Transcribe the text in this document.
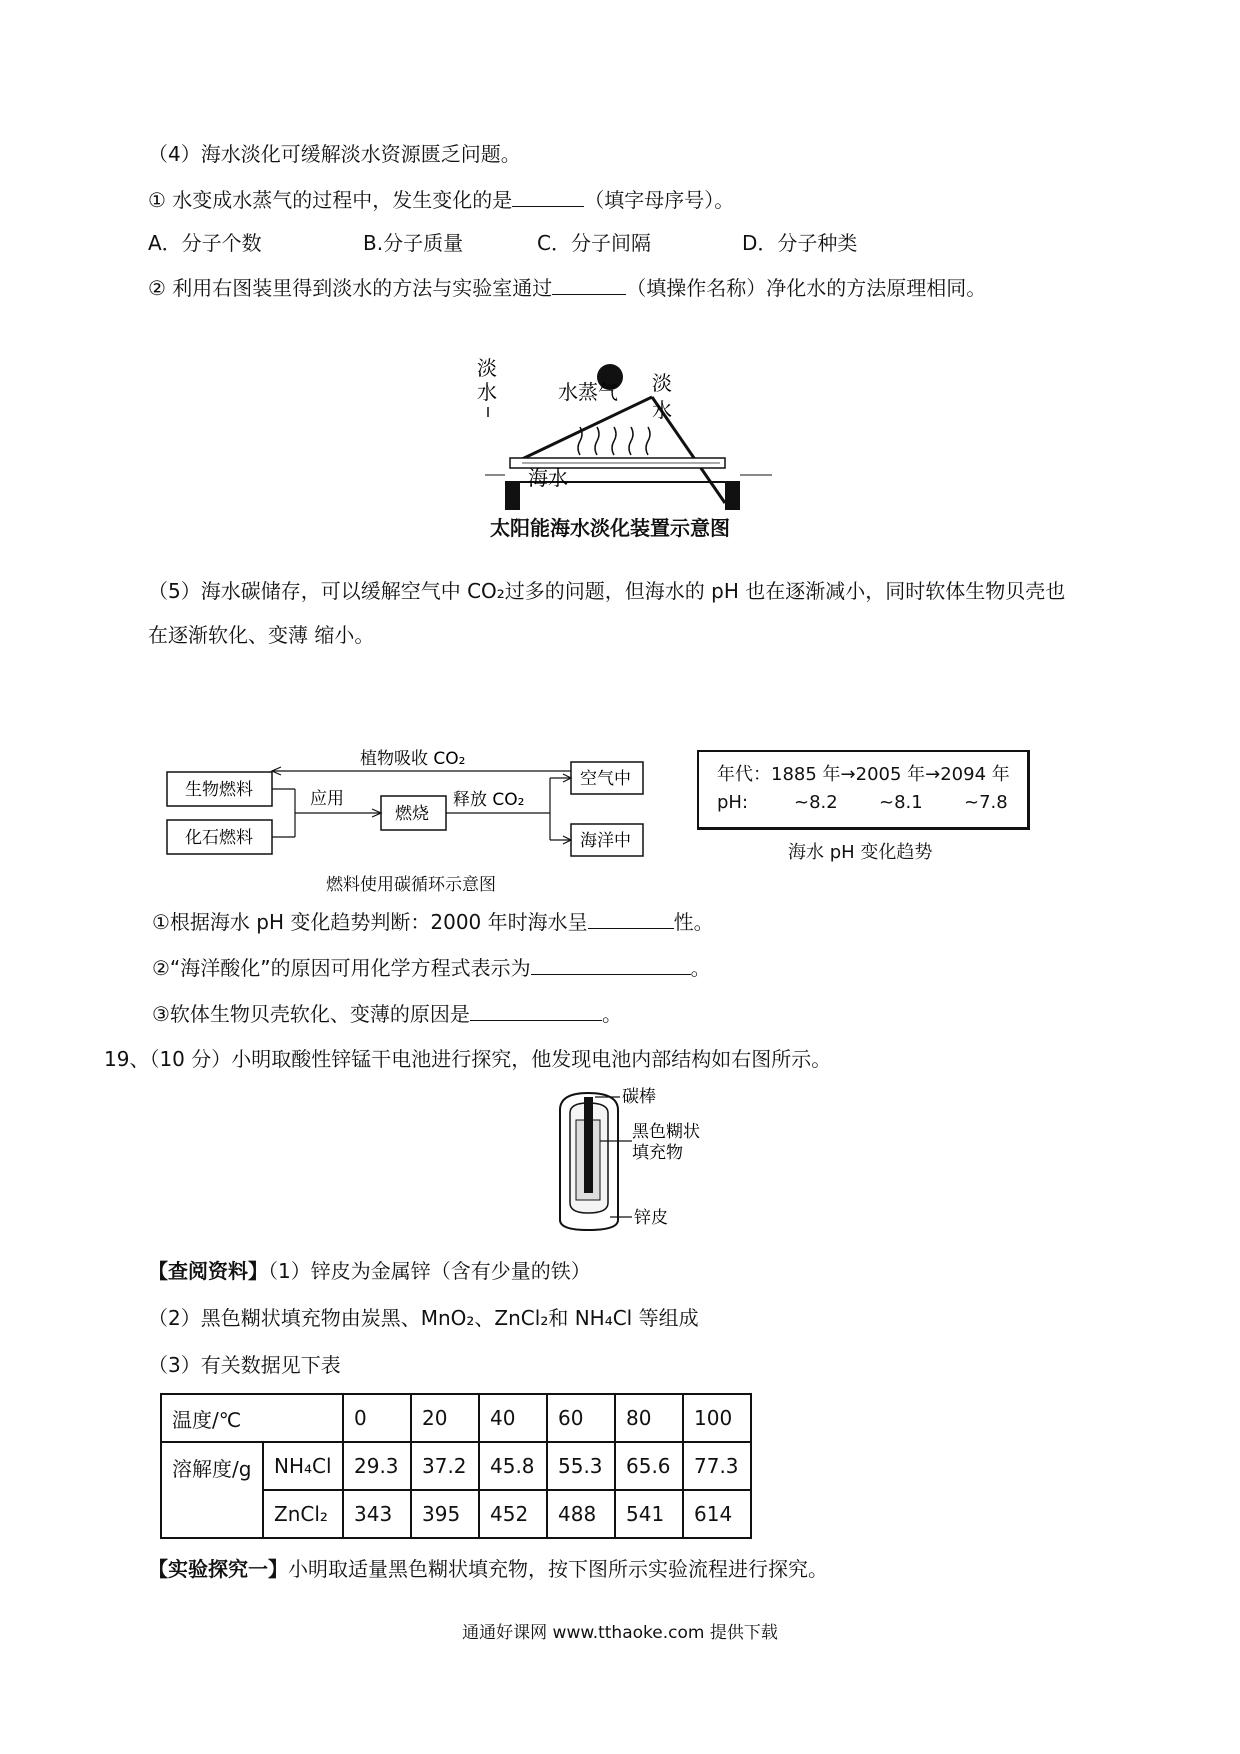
（4）海水淡化可缓解淡水资源匮乏问题。
① 水变成水蒸气的过程中，发生变化的是	（填字母序号）。
A．分子个数	B.分子质量	C．分子间隔	D．分子种类
② 利用右图装里得到淡水的方法与实验室通过	（填操作名称）净化水的方法原理相同。
淡
水	水蒸气 淡
水
海水
太阳能海水淡化装置示意图
（5）海水碳储存，可以缓解空气中 CO₂过多的问题，但海水的 pH 也在逐渐减小，同时软体生物贝壳也
在逐渐软化、变薄 缩小。
生物燃料
化石燃料
应用
燃烧
释放 CO₂
空气中
海洋中
植物吸收 CO₂
燃料使用碳循环示意图
年代：1885 年→2005 年→2094 年
pH:	~8.2 ~8.1 ~7.8
海水 pH 变化趋势
①根据海水 pH 变化趋势判断：2000 年时海水呈	性。
②“海洋酸化”的原因可用化学方程式表示为	。
③软体生物贝壳软化、变薄的原因是	。
19、（10 分）小明取酸性锌锰干电池进行探究，他发现电池内部结构如右图所示。
碳棒
黑色糊状
填充物
锌皮
【查阅资料】（1）锌皮为金属锌（含有少量的铁）
（2）黑色糊状填充物由炭黑、MnO₂、ZnCl₂和 NH₄Cl 等组成
（3）有关数据见下表
温度/℃		0	20	40	60	80	100
溶解度/g	NH₄Cl	29.3	37.2	45.8	55.3	65.6	77.3
	ZnCl₂	343	395	452	488	541	614
【实验探究一】小明取适量黑色糊状填充物，按下图所示实验流程进行探究。
通通好课网 www.tthaoke.com 提供下载
